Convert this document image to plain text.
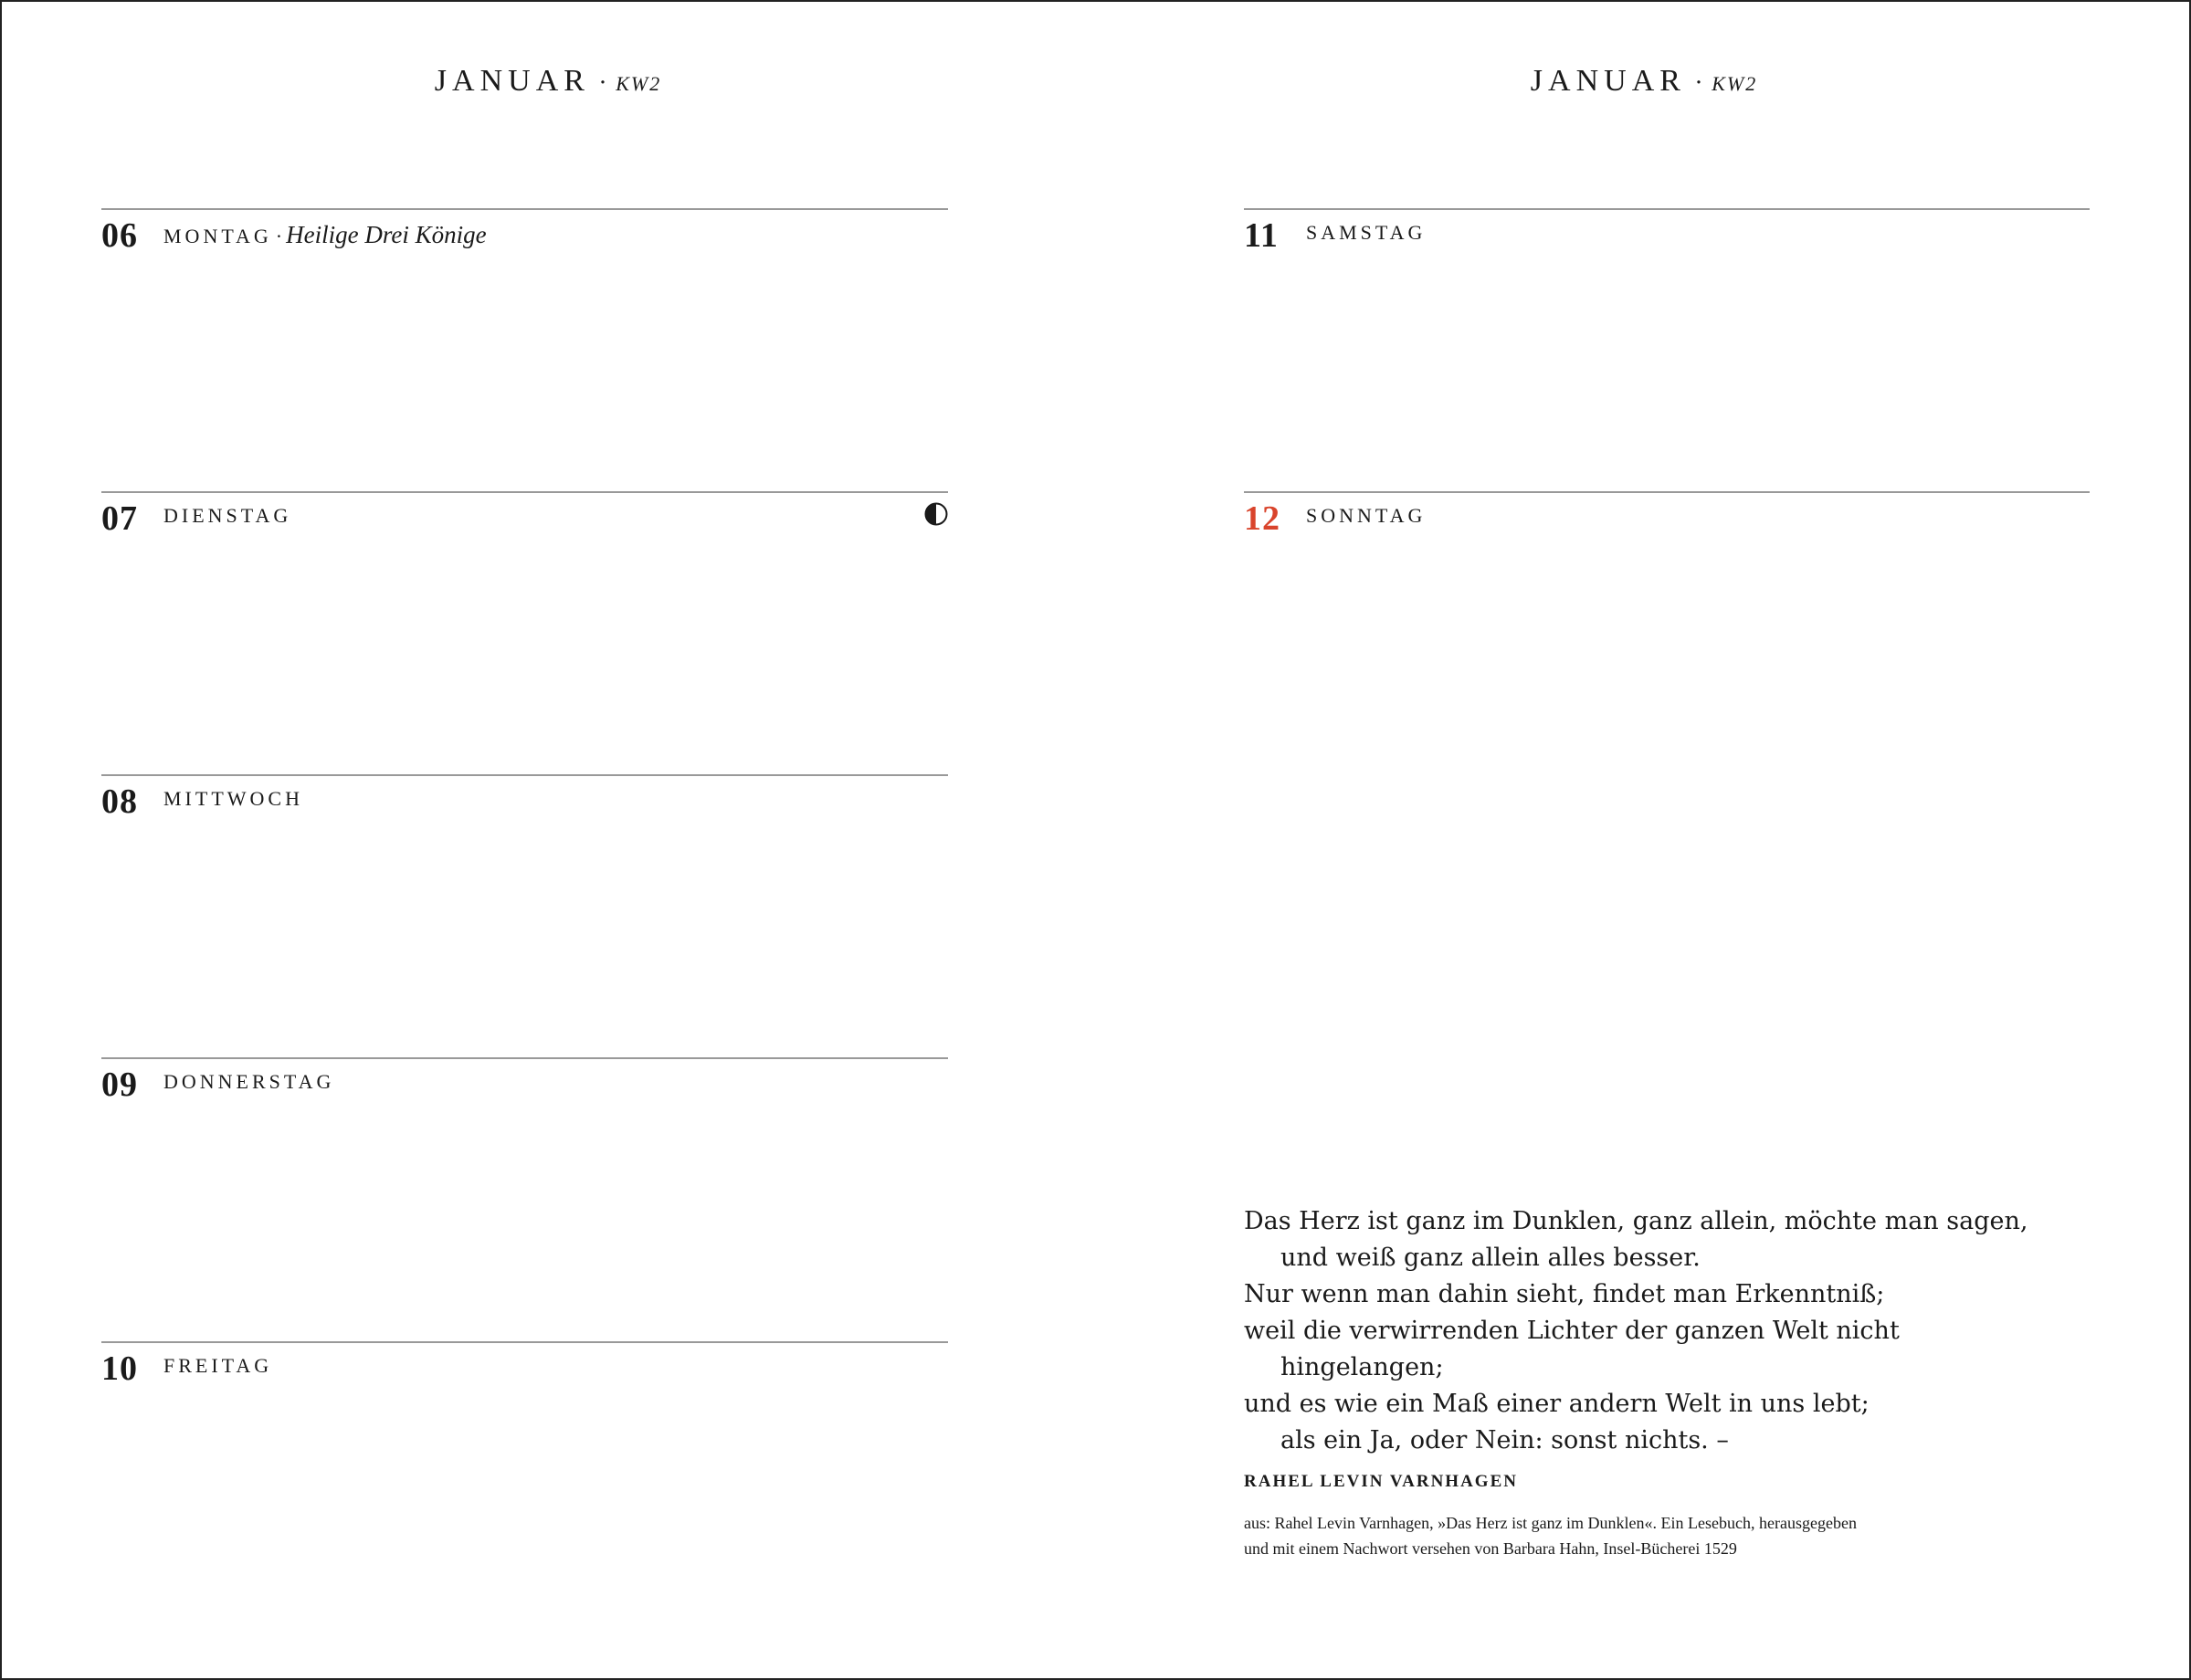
JANUAR · KW2	JANUAR · KW2
06 MONTAG · Heilige Drei Könige
07 DIENSTAG
08 MITTWOCH
09 DONNERSTAG
10 FREITAG
11 SAMSTAG
12 SONNTAG
Das Herz ist ganz im Dunklen, ganz allein, möchte man sagen,
und weiß ganz allein alles besser.
Nur wenn man dahin sieht, findet man Erkenntniß;
weil die verwirrenden Lichter der ganzen Welt nicht
hingelangen;
und es wie ein Maß einer andern Welt in uns lebt;
als ein Ja, oder Nein: sonst nichts. –
RAHEL LEVIN VARNHAGEN
aus: Rahel Levin Varnhagen, »Das Herz ist ganz im Dunklen«. Ein Lesebuch, herausgegeben
und mit einem Nachwort versehen von Barbara Hahn, Insel-Bücherei 1529
